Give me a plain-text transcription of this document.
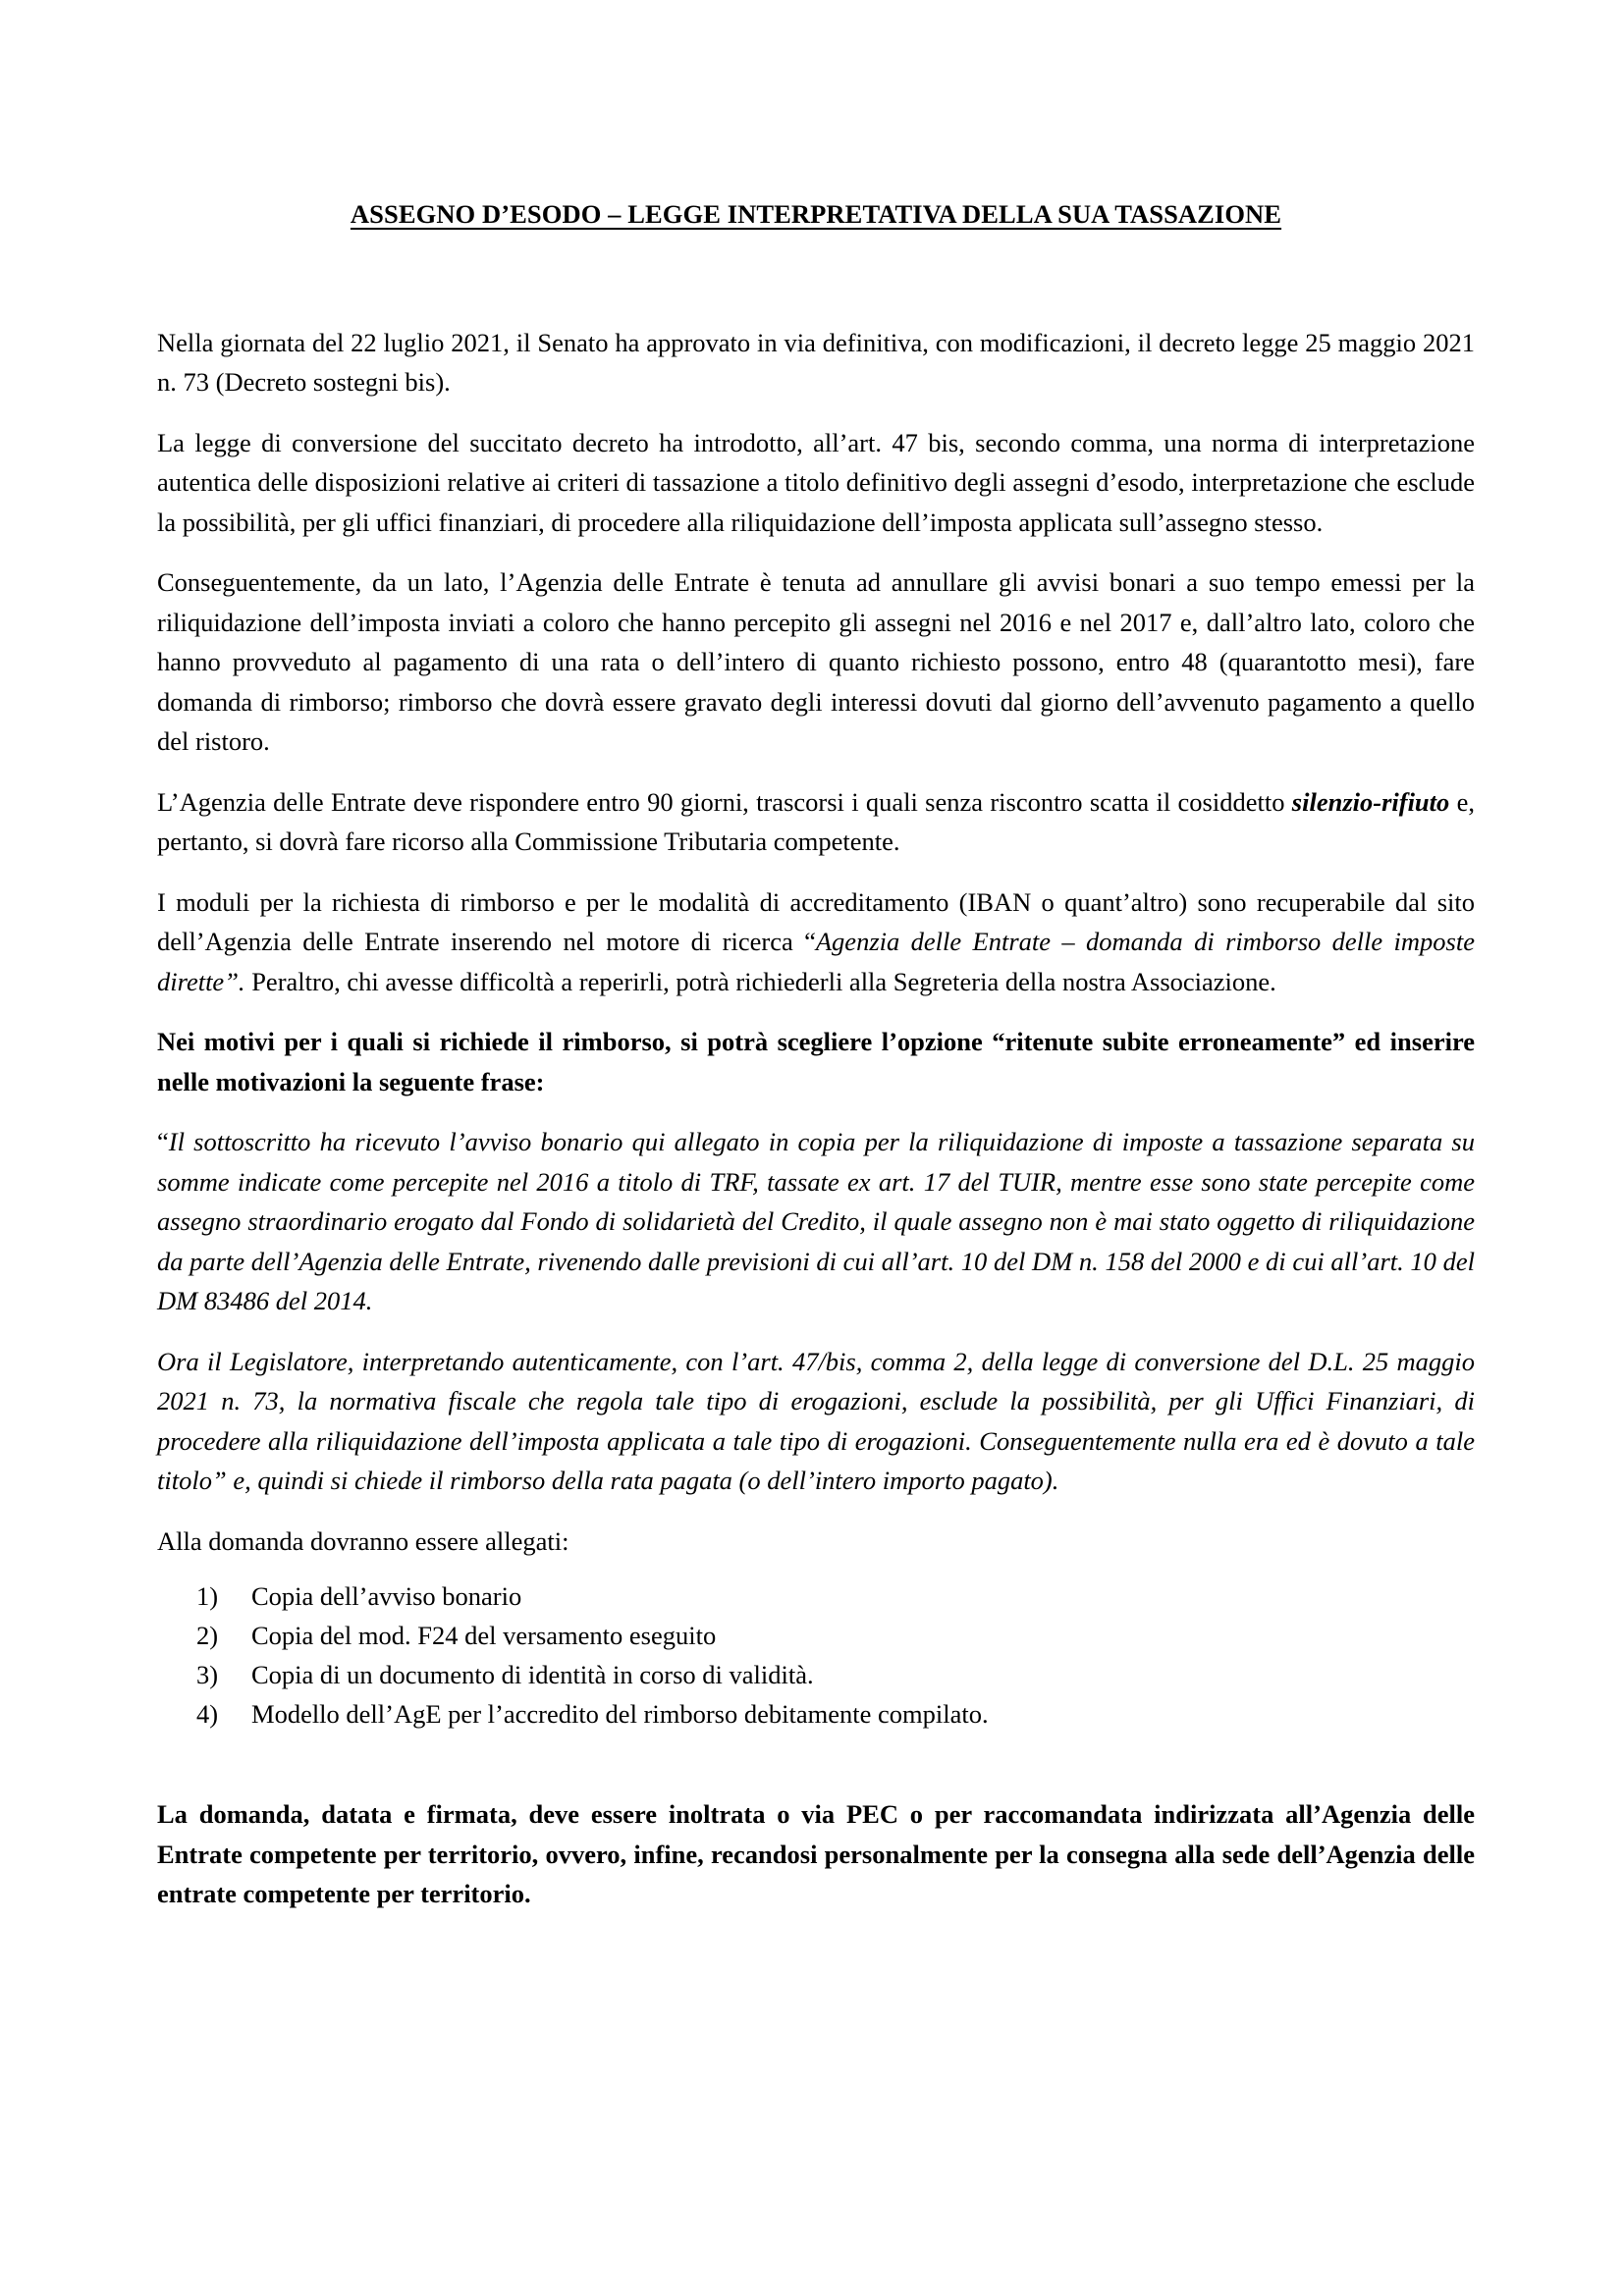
ASSEGNO D’ESODO – LEGGE INTERPRETATIVA DELLA SUA TASSAZIONE

Nella giornata del 22 luglio 2021, il Senato ha approvato in via definitiva, con modificazioni, il decreto legge 25 maggio 2021 n. 73 (Decreto sostegni bis).

La legge di conversione del succitato decreto ha introdotto, all’art. 47 bis, secondo comma, una norma di interpretazione autentica delle disposizioni relative ai criteri di tassazione a titolo definitivo degli assegni d’esodo, interpretazione che esclude la possibilità, per gli uffici finanziari, di procedere alla riliquidazione dell’imposta applicata sull’assegno stesso.

Conseguentemente, da un lato, l’Agenzia delle Entrate è tenuta ad annullare gli avvisi bonari a suo tempo emessi per la riliquidazione dell’imposta inviati a coloro che hanno percepito gli assegni nel 2016 e nel 2017 e, dall’altro lato, coloro che hanno provveduto al pagamento di una rata o dell’intero di quanto richiesto possono, entro 48 (quarantotto mesi), fare domanda di rimborso; rimborso che dovrà essere gravato degli interessi dovuti dal giorno dell’avvenuto pagamento a quello del ristoro.

L’Agenzia delle Entrate deve rispondere entro 90 giorni, trascorsi i quali senza riscontro scatta il cosiddetto silenzio-rifiuto e, pertanto, si dovrà fare ricorso alla Commissione Tributaria competente.

I moduli per la richiesta di rimborso e per le modalità di accreditamento (IBAN o quant’altro) sono recuperabile dal sito dell’Agenzia delle Entrate inserendo nel motore di ricerca “Agenzia delle Entrate – domanda di rimborso delle imposte dirette”. Peraltro, chi avesse difficoltà a reperirli, potrà richiederli alla Segreteria della nostra Associazione.

Nei motivi per i quali si richiede il rimborso, si potrà scegliere l’opzione “ritenute subite erroneamente” ed inserire nelle motivazioni la seguente frase:

“Il sottoscritto ha ricevuto l’avviso bonario qui allegato in copia per la riliquidazione di imposte a tassazione separata su somme indicate come percepite nel 2016 a titolo di TRF, tassate ex art. 17 del TUIR, mentre esse sono state percepite come assegno straordinario erogato dal Fondo di solidarietà del Credito, il quale assegno non è mai stato oggetto di riliquidazione da parte dell’Agenzia delle Entrate, rivenendo dalle previsioni di cui all’art. 10 del DM n. 158 del 2000 e di cui all’art. 10 del DM 83486 del 2014.

Ora il Legislatore, interpretando autenticamente, con l’art. 47/bis, comma 2, della legge di conversione del D.L. 25 maggio 2021 n. 73, la normativa fiscale che regola tale tipo di erogazioni, esclude la possibilità, per gli Uffici Finanziari, di procedere alla riliquidazione dell’imposta applicata a tale tipo di erogazioni. Conseguentemente nulla era ed è dovuto a tale titolo” e, quindi si chiede il rimborso della rata pagata (o dell’intero importo pagato).

Alla domanda dovranno essere allegati:

1)	Copia dell’avviso bonario
2)	Copia del mod. F24 del versamento eseguito
3)	Copia di un documento di identità in corso di validità.
4)	Modello dell’AgE per l’accredito del rimborso debitamente compilato.

La domanda, datata e firmata, deve essere inoltrata o via PEC o per raccomandata indirizzata all’Agenzia delle Entrate competente per territorio, ovvero, infine, recandosi personalmente per la consegna alla sede dell’Agenzia delle entrate competente per territorio.
